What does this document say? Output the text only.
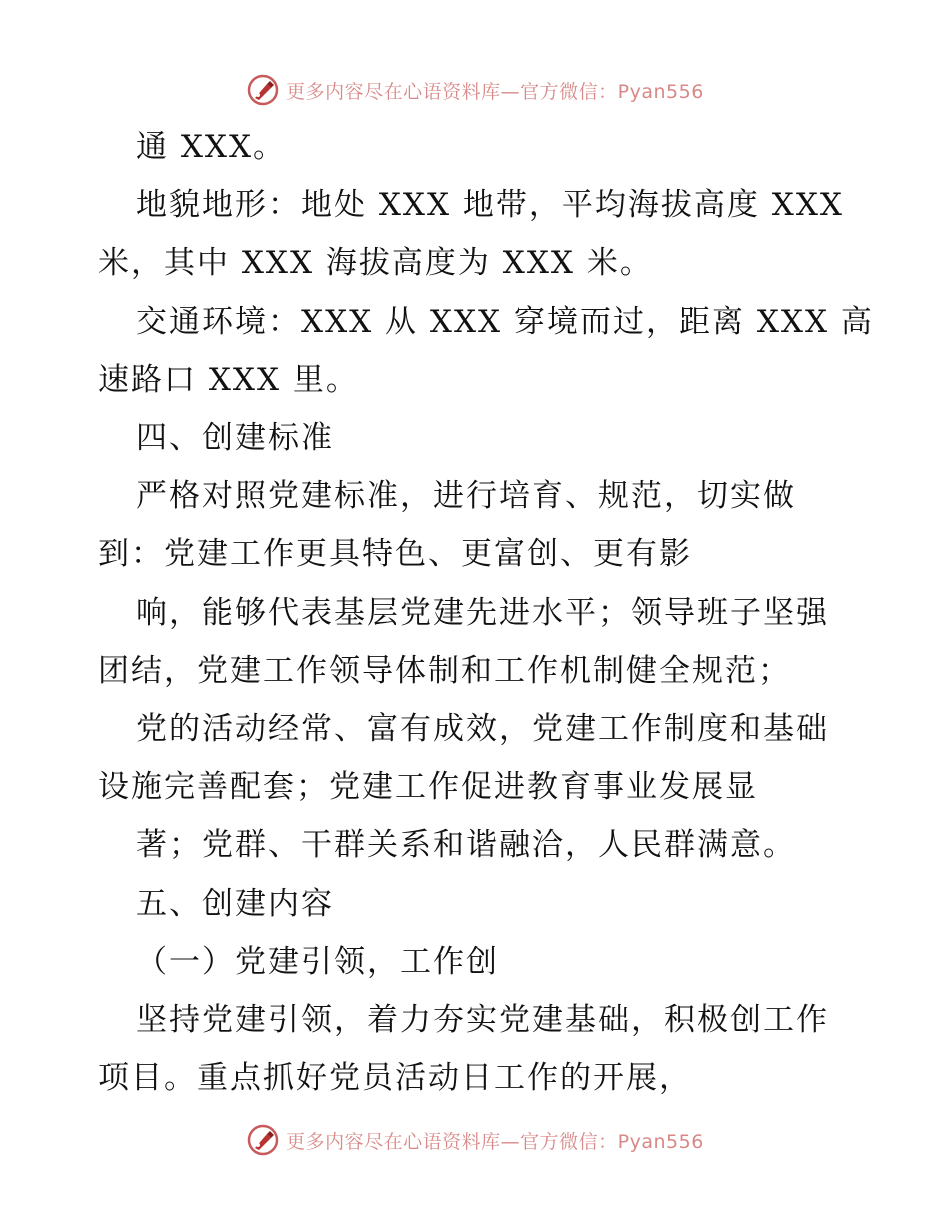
更多内容尽在心语资料库—官方微信：Pyan556
通 XXX。
地貌地形：地处 XXX 地带，平均海拔高度 XXX
米，其中 XXX 海拔高度为 XXX 米。
交通环境：XXX 从 XXX 穿境而过，距离 XXX 高
速路口 XXX 里。
四、创建标准
严格对照党建标准，进行培育、规范，切实做
到：党建工作更具特色、更富创、更有影
响，能够代表基层党建先进水平；领导班子坚强
团结，党建工作领导体制和工作机制健全规范；
党的活动经常、富有成效，党建工作制度和基础
设施完善配套；党建工作促进教育事业发展显
著；党群、干群关系和谐融洽，人民群满意。
五、创建内容
（一）党建引领，工作创
坚持党建引领，着力夯实党建基础，积极创工作
项目。重点抓好党员活动日工作的开展，
更多内容尽在心语资料库—官方微信：Pyan556
